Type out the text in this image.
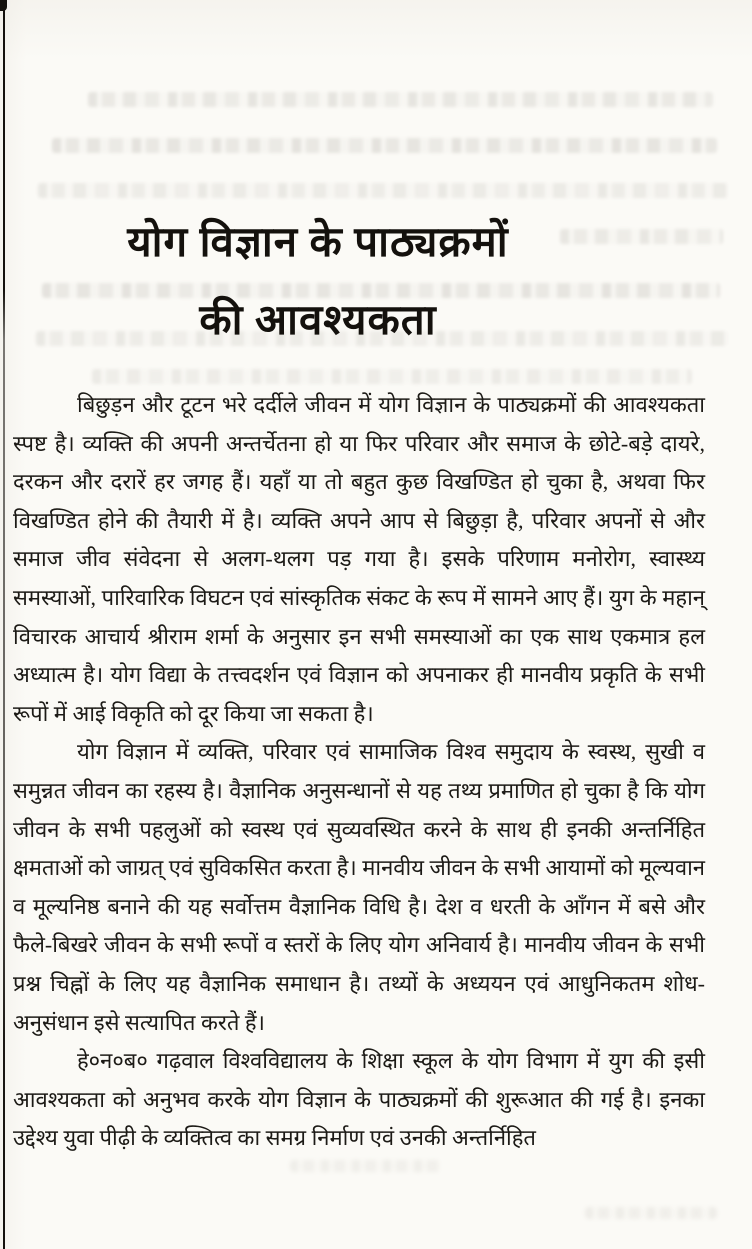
योग विज्ञान के पाठ्यक्रमों
की आवश्यकता

बिछुड़न और टूटन भरे दर्दीले जीवन में योग विज्ञान के पाठ्यक्रमों की आवश्यकता स्पष्ट है। व्यक्ति की अपनी अन्तर्चेतना हो या फिर परिवार और समाज के छोटे-बड़े दायरे, दरकन और दरारें हर जगह हैं। यहाँ या तो बहुत कुछ विखण्डित हो चुका है, अथवा फिर विखण्डित होने की तैयारी में है। व्यक्ति अपने आप से बिछुड़ा है, परिवार अपनों से और समाज जीव संवेदना से अलग-थलग पड़ गया है। इसके परिणाम मनोरोग, स्वास्थ्य समस्याओं, पारिवारिक विघटन एवं सांस्कृतिक संकट के रूप में सामने आए हैं। युग के महान् विचारक आचार्य श्रीराम शर्मा के अनुसार इन सभी समस्याओं का एक साथ एकमात्र हल अध्यात्म है। योग विद्या के तत्त्वदर्शन एवं विज्ञान को अपनाकर ही मानवीय प्रकृति के सभी रूपों में आई विकृति को दूर किया जा सकता है।

योग विज्ञान में व्यक्ति, परिवार एवं सामाजिक विश्व समुदाय के स्वस्थ, सुखी व समुन्नत जीवन का रहस्य है। वैज्ञानिक अनुसन्धानों से यह तथ्य प्रमाणित हो चुका है कि योग जीवन के सभी पहलुओं को स्वस्थ एवं सुव्यवस्थित करने के साथ ही इनकी अन्तर्निहित क्षमताओं को जाग्रत् एवं सुविकसित करता है। मानवीय जीवन के सभी आयामों को मूल्यवान व मूल्यनिष्ठ बनाने की यह सर्वोत्तम वैज्ञानिक विधि है। देश व धरती के आँगन में बसे और फैले-बिखरे जीवन के सभी रूपों व स्तरों के लिए योग अनिवार्य है। मानवीय जीवन के सभी प्रश्न चिह्नों के लिए यह वैज्ञानिक समाधान है। तथ्यों के अध्ययन एवं आधुनिकतम शोध-अनुसंधान इसे सत्यापित करते हैं।

हे०न०ब० गढ़वाल विश्वविद्यालय के शिक्षा स्कूल के योग विभाग में युग की इसी आवश्यकता को अनुभव करके योग विज्ञान के पाठ्यक्रमों की शुरूआत की गई है। इनका उद्देश्य युवा पीढ़ी के व्यक्तित्व का समग्र निर्माण एवं उनकी अन्तर्निहित
